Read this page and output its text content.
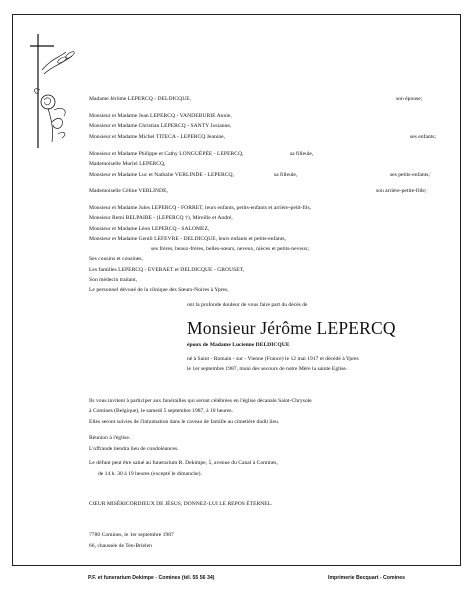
Madame Jérôme LEPERCQ - DELDICQUE,	son épouse;
Monsieur et Madame Jean LEPERCQ - VANDEBURIE Annie,
Monsieur et Madame Christian LEPERCQ - SANTY Josianne,
Monsieur et Madame Michel TITECA - LEPERCQ Jeanine,	ses enfants;
Monsieur et Madame Philippe et Cathy LONGUÉPÉE - LEPERCQ,	sa filleule,
Mademoiselle Muriel LEPERCQ,
Monsieur et Madame Luc et Nathalie VERLINDE - LEPERCQ,	sa filleule,	ses petits-enfants;
Mademoiselle Céline VERLINDE,	son arrière-petite-fille;
Monsieur et Madame Jules LEPERCQ - FORRET, leurs enfants, petits-enfants et arrière-petit-fils,
Monsieur Remi BELPAIRE - (LEPERCQ †), Mireille et André,
Monsieur et Madame Léon LEPERCQ - SALOMEZ,
Monsieur et Madame Gentil LEFEVRE - DELDICQUE, leurs enfants et petits-enfants,
ses frères, beaux-frères, belles-sœurs, neveux, nièces et petits-neveux;
Ses cousins et cousines,
Les familles LEPERCQ - EVERAET et DELDICQUE - GROUSET,
Son médecin traitant,
Le personnel dévoué de la clinique des Sœurs-Noires à Ypres,
ont la profonde douleur de vous faire part du décès de
Monsieur Jérôme LEPERCQ
époux de Madame Lucienne DELDICQUE
né à Saint - Romain - sur - Vienne (France) le 12 mai 1917 et décédé à Ypres
le 1er septembre 1987, muni des secours de notre Mère la sainte Eglise.
Ils vous invitent à participer aux funérailles qui seront célébrées en l'église décanale Saint-Chrysole
à Comines (Belgique), le samedi 5 septembre 1987, à 10 heures.
Elles seront suivies de l'inhumation dans le caveau de famille au cimetière dudit lieu.
Réunion à l'église.
L'offrande tiendra lieu de condoléances.
Le défunt peut être salué au funerarium R. Dekimpe, 5, avenue du Canal à Comines,
de 14 h. 30 à 19 heures (excepté le dimanche).
CŒUR MISÉRICORDIEUX DE JÉSUS, DONNEZ-LUI LE REPOS ÉTERNEL.
7780 Comines, le 1er septembre 1987
66, chaussée de Ten-Brielen
P.F. et funerarium Dekimpe - Comines (tél. 55 56 34)	Imprimerie Becquart - Comines
